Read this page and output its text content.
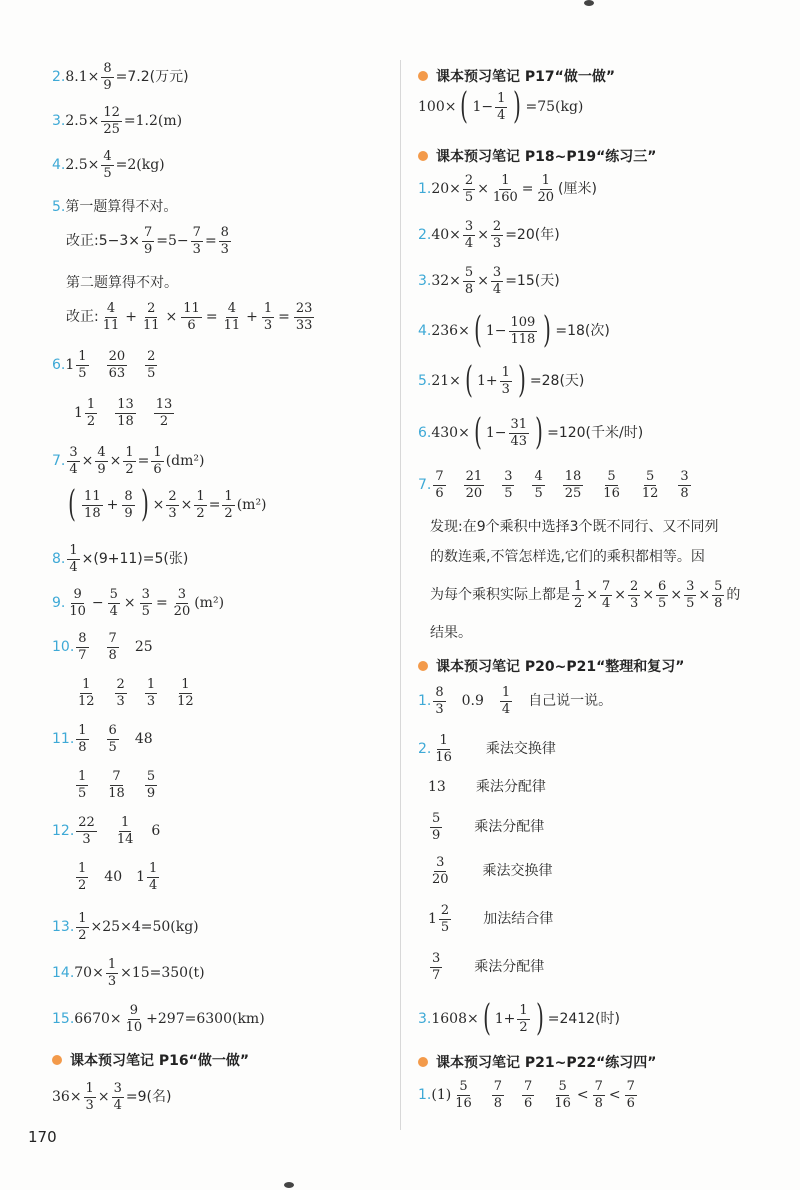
2. $8.1\times \frac{8}{9} =7.2$(万元)
3. $2.5\times \frac{12}{25} =1.2(m)$
4. $2.5\times \frac{4}{5} =2(kg)$
5. 第一题算得不对。
改正:5−3× $\frac{7}{9} =5- \frac{7}{3} = \frac{8}{3}$
第二题算得不对。
改正: $\frac{4}{11} + \frac{2}{11} \times \frac{11}{6} = \frac{4}{11} + \frac{1}{3} = \frac{23}{33}$
6. $1 \frac{1}{5} \frac{20}{63} \frac{2}{5}$
$1 \frac{1}{2} \frac{13}{18} \frac{13}{2}$
7. $\frac{3}{4} \times \frac{4}{9} \times \frac{1}{2} = \frac{1}{6} (dm^2)$
( $\frac{11}{18} + \frac{8}{9}$ ) × $\frac{2}{3} \times \frac{1}{2} = \frac{1}{2} (m^2)$
8. $\frac{1}{4} \times(9+11)=5$(张)
9. $\frac{9}{10} - \frac{5}{4} \times \frac{3}{5} = \frac{3}{20} (m^2)$
10. $\frac{8}{7} \frac{7}{8} 25$
$\frac{1}{12} \frac{2}{3} \frac{1}{3} \frac{1}{12}$
11. $\frac{1}{8} \frac{6}{5} 48$
$\frac{1}{5} \frac{7}{18} \frac{5}{9}$
12. $\frac{22}{3} \frac{1}{14} 6$
$\frac{1}{2} 40$ $1 \frac{1}{4}$
13. $\frac{1}{2} \times 25\times 4=50(kg)$
14. $70\times \frac{1}{3} \times 15=350(t)$
15. $6670\times \frac{9}{10} +297=6300(km)$
课本预习笔记 P16“做一做”
$36\times \frac{1}{3} \times \frac{3}{4} =9$(名)
170
课本预习笔记 P17“做一做”
100× ( $1- \frac{1}{4}$ ) =75(kg)
课本预习笔记 P18~P19“练习三”
1. $20\times \frac{2}{5} \times \frac{1}{160} = \frac{1}{20}$ (厘米)
2. $40\times \frac{3}{4} \times \frac{2}{3} =20$(年)
3. $32\times \frac{5}{8} \times \frac{3}{4} =15$(天)
4. 236× ( $1- \frac{109}{118}$ ) =18(次)
5. 21× ( $1+ \frac{1}{3}$ ) =28(天)
6. 430× ( $1- \frac{31}{43}$ ) =120(千米/时)
7. $\frac{7}{6} \frac{21}{20} \frac{3}{5} \frac{4}{5} \frac{18}{25} \frac{5}{16} \frac{5}{12} \frac{3}{8}$
发现:在9个乘积中选择3个既不同行、又不同列
的数连乘,不管怎样选,它们的乘积都相等。因
为每个乘积实际上都是 $\frac{1}{2} \times \frac{7}{4} \times \frac{2}{3} \times \frac{6}{5} \times \frac{3}{5} \times \frac{5}{8}$ 的
结果。
课本预习笔记 P20~P21“整理和复习”
1. $\frac{8}{3} 0.9 \frac{1}{4}$ 自己说一说。
2. $\frac{1}{16}$ 乘法交换律
13 乘法分配律
$\frac{5}{9}$ 乘法分配律
$\frac{3}{20}$ 乘法交换律
$1 \frac{2}{5}$ 加法结合律
$\frac{3}{7}$ 乘法分配律
3. 1608× ( $1+ \frac{1}{2}$ ) =2412(时)
课本预习笔记 P21~P22“练习四”
1. $(1) \frac{5}{16} \frac{7}{8} \frac{7}{6} \frac{5}{16} < \frac{7}{8} < \frac{7}{6}$
